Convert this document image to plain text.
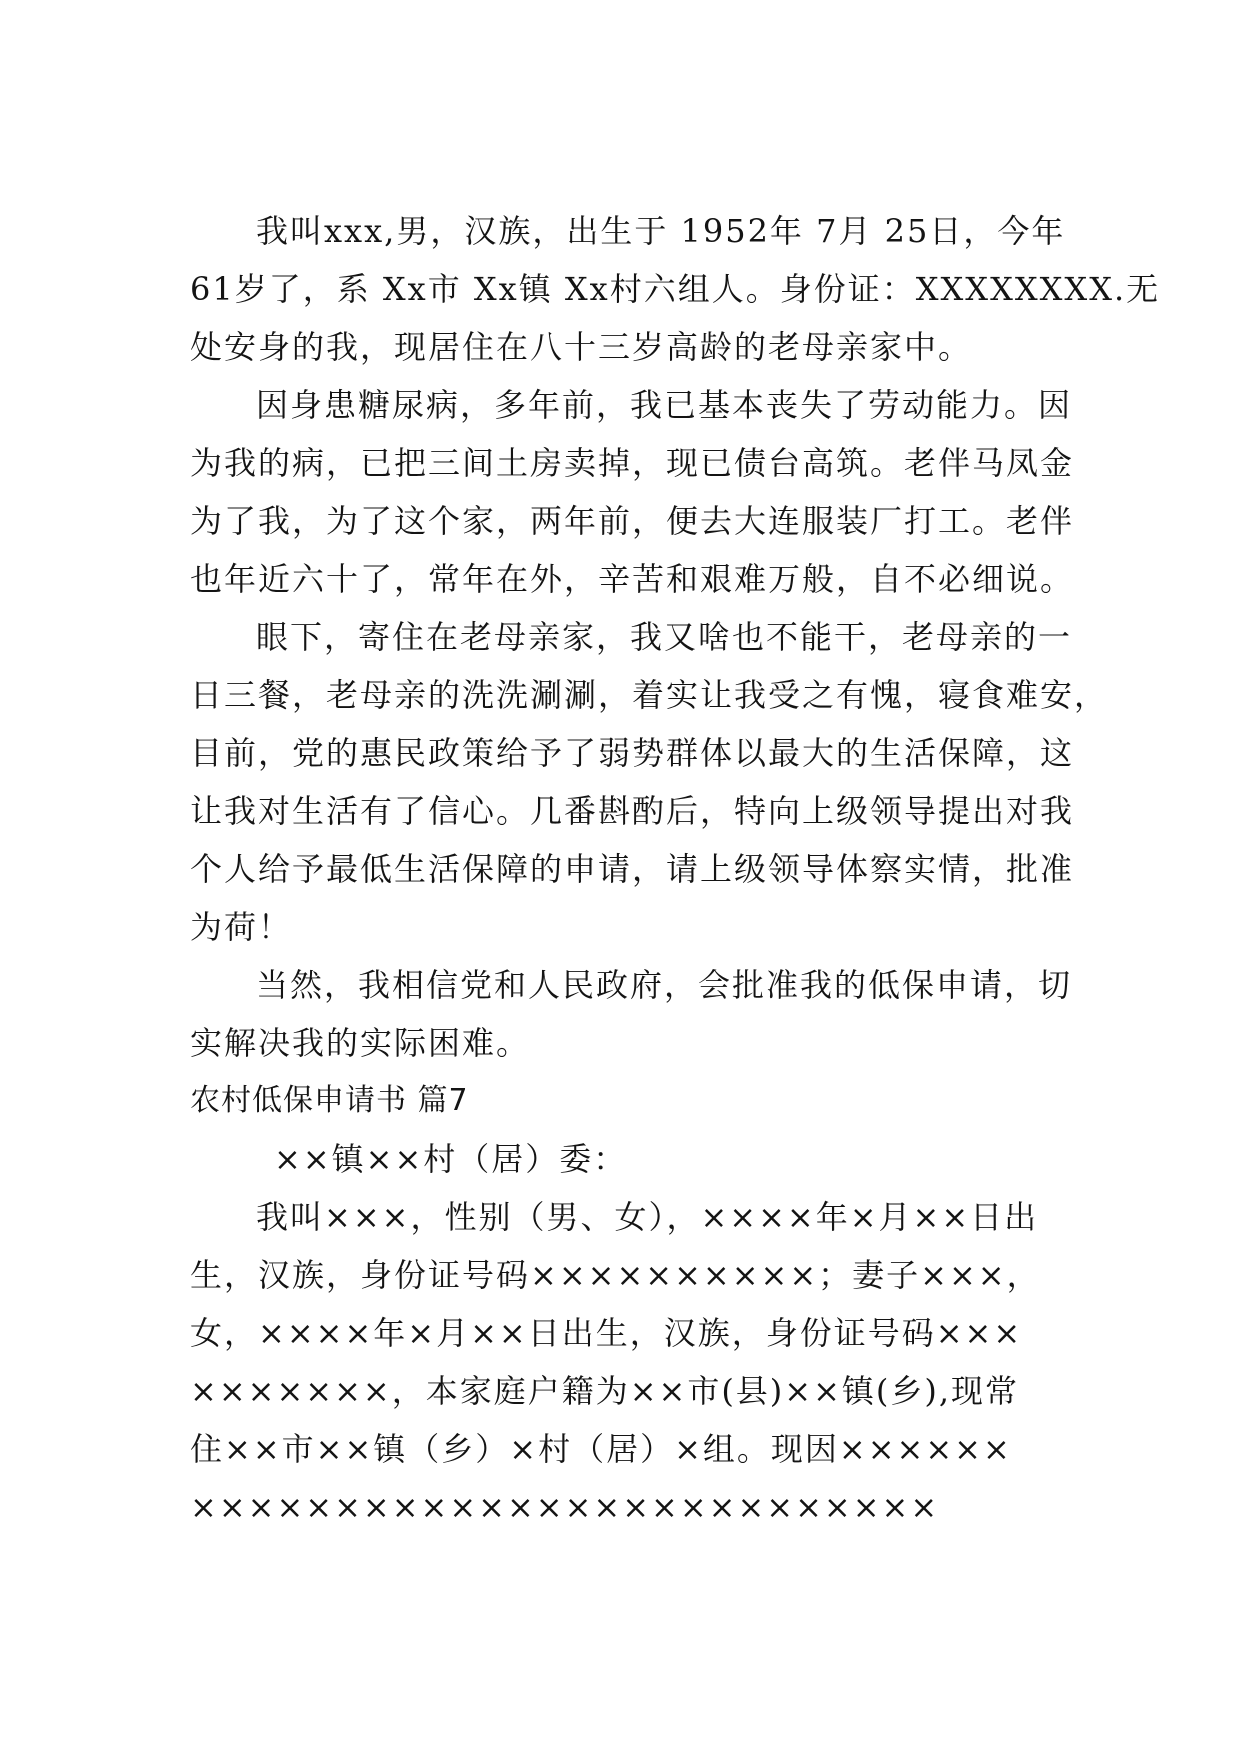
我叫xxx,男，汉族，出生于 1952年 7月 25日，今年
61岁了，系 Xx市 Xx镇 Xx村六组人。身份证：XXXXXXXX.无
处安身的我，现居住在八十三岁高龄的老母亲家中。
因身患糖尿病，多年前，我已基本丧失了劳动能力。因
为我的病，已把三间土房卖掉，现已债台高筑。老伴马凤金
为了我，为了这个家，两年前，便去大连服装厂打工。老伴
也年近六十了，常年在外，辛苦和艰难万般，自不必细说。
眼下，寄住在老母亲家，我又啥也不能干，老母亲的一
日三餐，老母亲的洗洗涮涮，着实让我受之有愧，寝食难安，
目前，党的惠民政策给予了弱势群体以最大的生活保障，这
让我对生活有了信心。几番斟酌后，特向上级领导提出对我
个人给予最低生活保障的申请，请上级领导体察实情，批准
为荷！
当然，我相信党和人民政府，会批准我的低保申请，切
实解决我的实际困难。
农村低保申请书 篇7
××镇××村（居）委：
我叫×××，性别（男、女），××××年×月××日出
生，汉族，身份证号码××××××××××；妻子×××，
女，××××年×月××日出生，汉族，身份证号码×××
×××××××，本家庭户籍为××市(县)××镇(乡),现常
住××市××镇（乡）×村（居）×组。现因××××××
××××××××××××××××××××××××××
